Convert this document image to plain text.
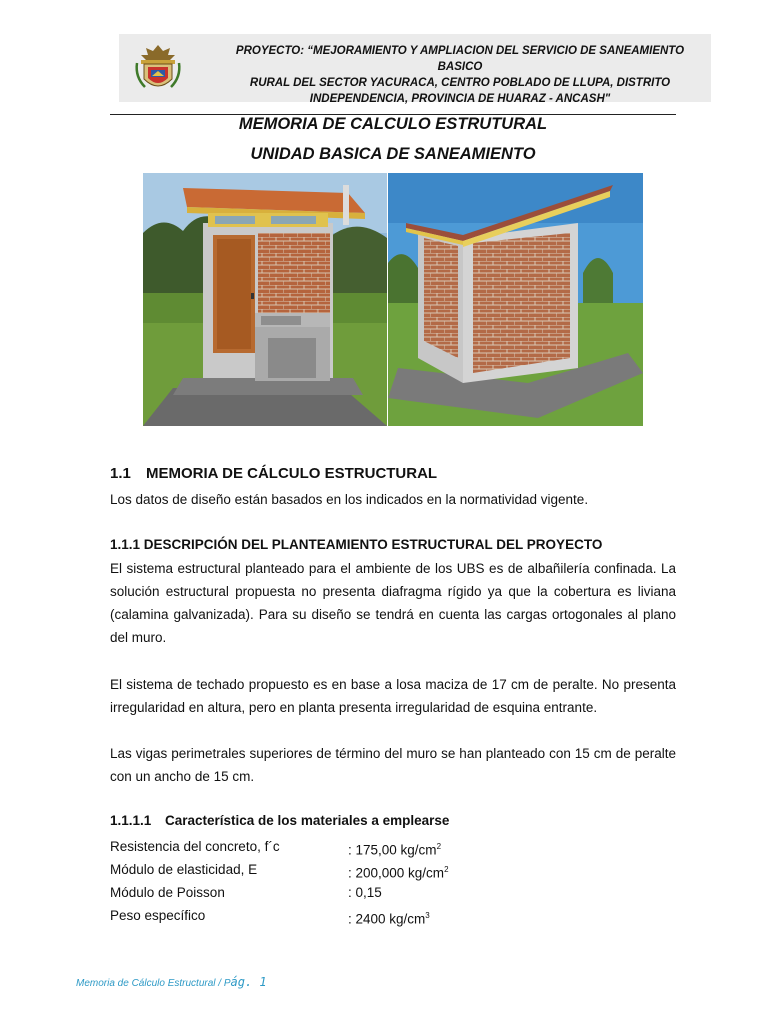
PROYECTO: “MEJORAMIENTO Y AMPLIACION DEL SERVICIO DE SANEAMIENTO BASICO
RURAL DEL SECTOR YACURACA, CENTRO POBLADO DE LLUPA, DISTRITO
INDEPENDENCIA, PROVINCIA DE HUARAZ - ANCASH"
MEMORIA DE CALCULO ESTRUTURAL
UNIDAD BASICA DE SANEAMIENTO
1.1 MEMORIA DE CÁLCULO ESTRUCTURAL
Los datos de diseño están basados en los indicados en la normatividad vigente.
1.1.1 DESCRIPCIÓN DEL PLANTEAMIENTO ESTRUCTURAL DEL PROYECTO
El sistema estructural planteado para el ambiente de los UBS es de albañilería confinada. La solución estructural propuesta no presenta diafragma rígido ya que la cobertura es liviana (calamina galvanizada). Para su diseño se tendrá en cuenta las cargas ortogonales al plano del muro.
El sistema de techado propuesto es en base a losa maciza de 17 cm de peralte. No presenta irregularidad en altura, pero en planta presenta irregularidad de esquina entrante.
Las vigas perimetrales superiores de término del muro se han planteado con 15 cm de peralte con un ancho de 15 cm.
1.1.1.1 Característica de los materiales a emplearse
Resistencia del concreto, f´c	: 175,00 $kg/cm^2$
Módulo de elasticidad, E	: 200,000 $kg/cm^2$
Módulo de Poisson	: 0,15
Peso específico	: 2400 $kg/cm^3$
Memoria de Cálculo Estructural / Pág. 1
